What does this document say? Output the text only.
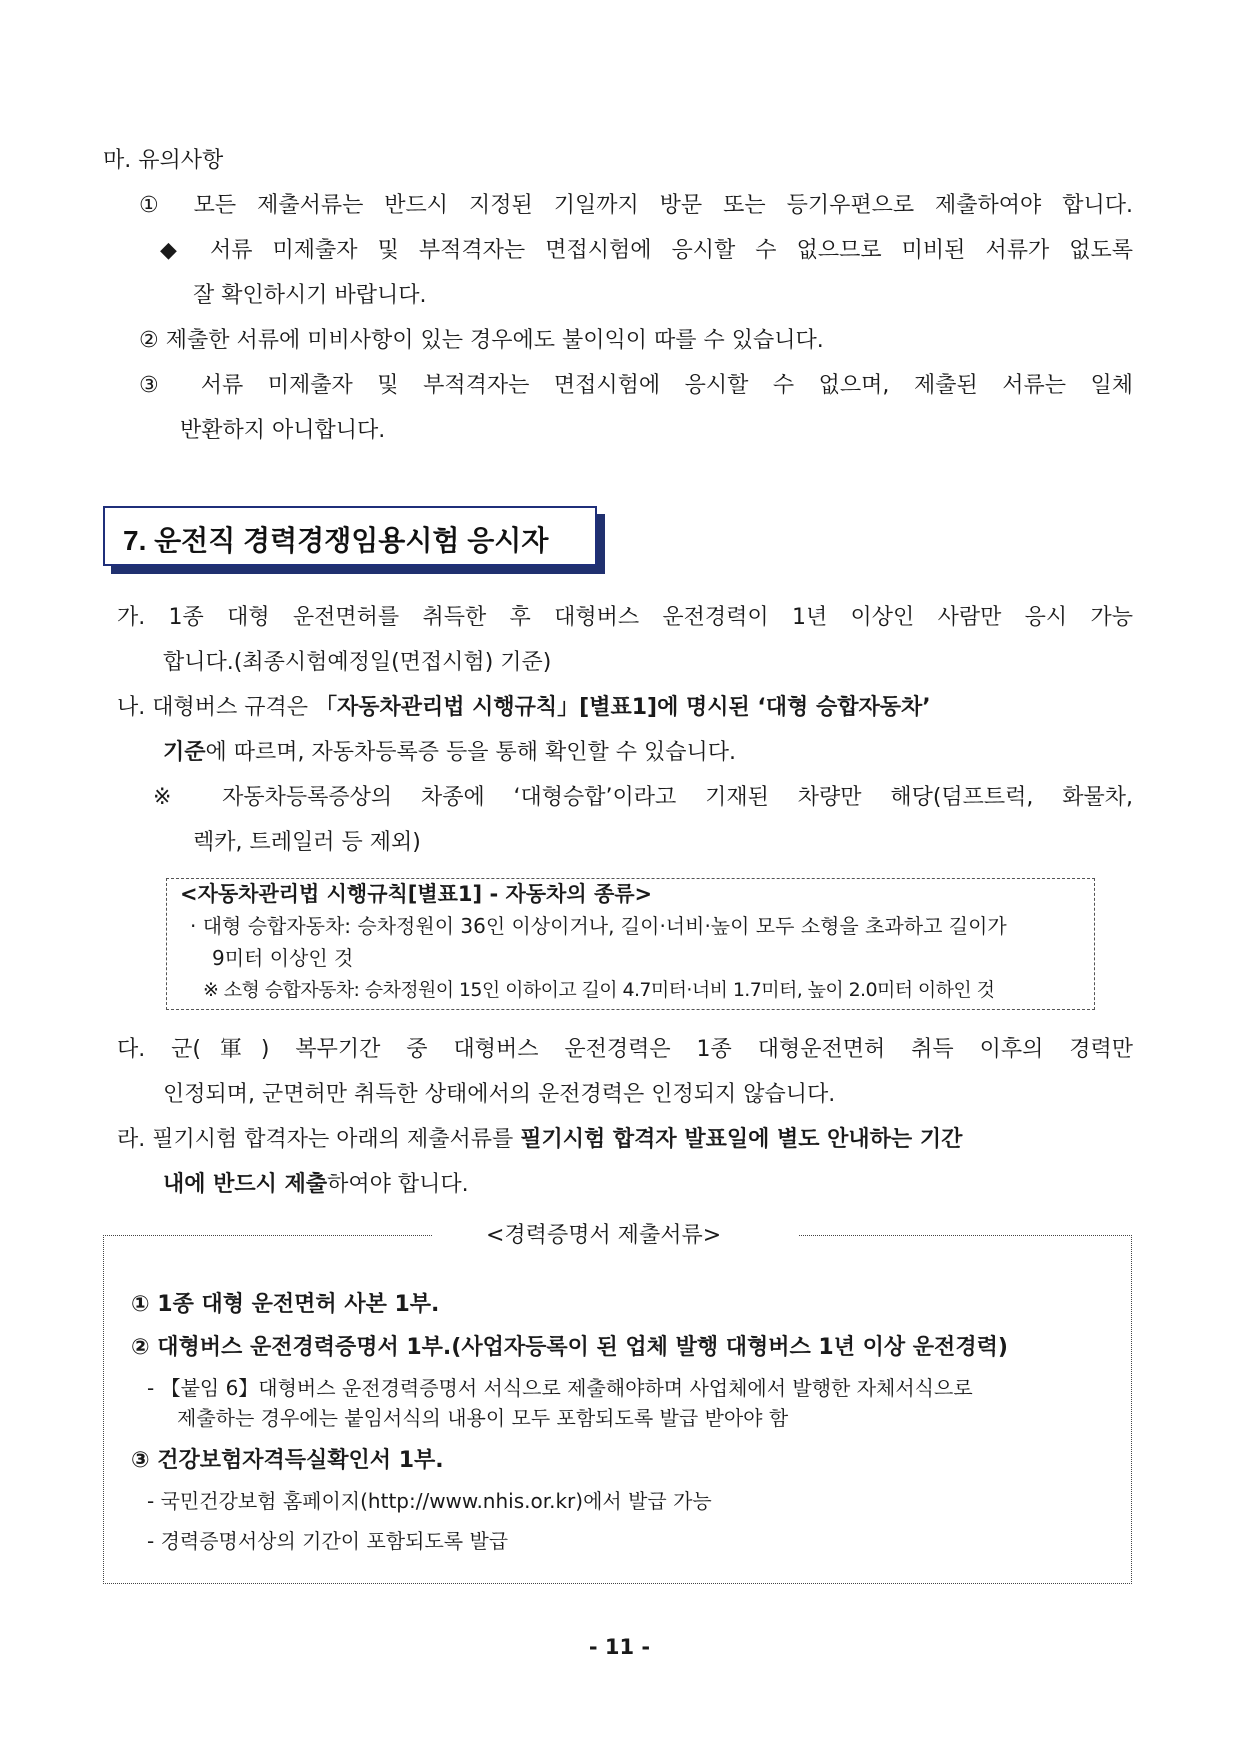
마. 유의사항
① 모든 제출서류는 반드시 지정된 기일까지 방문 또는 등기우편으로 제출하여야 합니다.
◆ 서류 미제출자 및 부적격자는 면접시험에 응시할 수 없으므로 미비된 서류가 없도록
잘 확인하시기 바랍니다.
② 제출한 서류에 미비사항이 있는 경우에도 불이익이 따를 수 있습니다.
③ 서류 미제출자 및 부적격자는 면접시험에 응시할 수 없으며, 제출된 서류는 일체
반환하지 아니합니다.
7. 운전직 경력경쟁임용시험 응시자
가. 1종 대형 운전면허를 취득한 후 대형버스 운전경력이 1년 이상인 사람만 응시 가능
합니다.(최종시험예정일(면접시험) 기준)
나. 대형버스 규격은 「자동차관리법 시행규칙」[별표1]에 명시된 ‘대형 승합자동차’
기준에 따르며, 자동차등록증 등을 통해 확인할 수 있습니다.
※ 자동차등록증상의 차종에 ‘대형승합’이라고 기재된 차량만 해당(덤프트럭, 화물차,
렉카, 트레일러 등 제외)
<자동차관리법 시행규칙[별표1] - 자동차의 종류>
· 대형 승합자동차: 승차정원이 36인 이상이거나, 길이·너비·높이 모두 소형을 초과하고 길이가
9미터 이상인 것
※ 소형 승합자동차: 승차정원이 15인 이하이고 길이 4.7미터·너비 1.7미터, 높이 2.0미터 이하인 것
다. 군(軍) 복무기간 중 대형버스 운전경력은 1종 대형운전면허 취득 이후의 경력만
인정되며, 군면허만 취득한 상태에서의 운전경력은 인정되지 않습니다.
라. 필기시험 합격자는 아래의 제출서류를 필기시험 합격자 발표일에 별도 안내하는 기간
내에 반드시 제출하여야 합니다.
<경력증명서 제출서류>
① 1종 대형 운전면허 사본 1부.
② 대형버스 운전경력증명서 1부.(사업자등록이 된 업체 발행 대형버스 1년 이상 운전경력)
- 【붙임 6】대형버스 운전경력증명서 서식으로 제출해야하며 사업체에서 발행한 자체서식으로
제출하는 경우에는 붙임서식의 내용이 모두 포함되도록 발급 받아야 함
③ 건강보험자격득실확인서 1부.
- 국민건강보험 홈페이지(http://www.nhis.or.kr)에서 발급 가능
- 경력증명서상의 기간이 포함되도록 발급
- 11 -
